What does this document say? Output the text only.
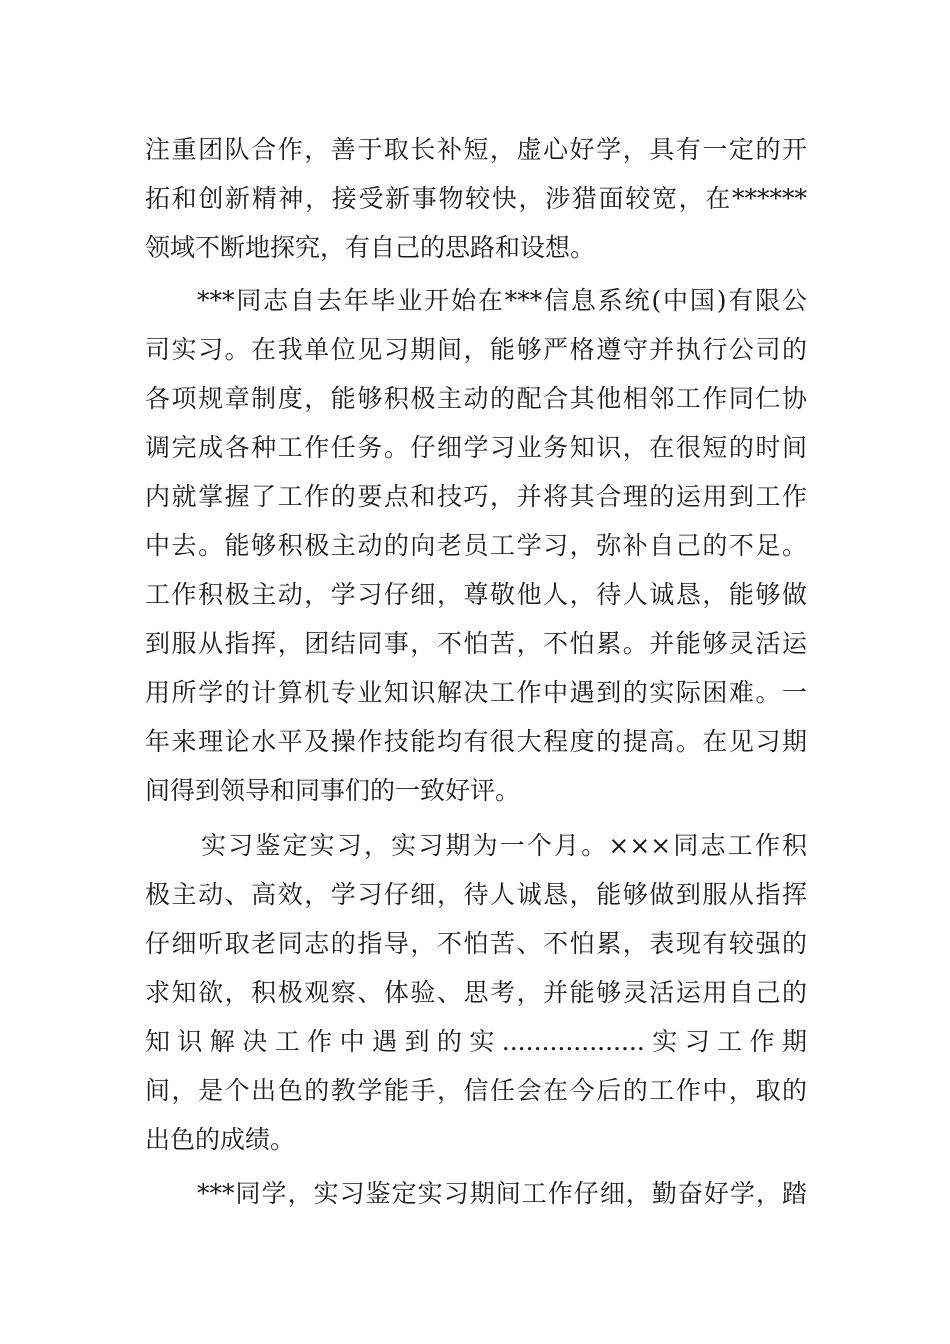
注重团队合作，善于取长补短，虚心好学，具有一定的开
拓和创新精神，接受新事物较快，涉猎面较宽，在******
领域不断地探究，有自己的思路和设想。
***同志自去年毕业开始在***信息系统(中国)有限公
司实习。在我单位见习期间，能够严格遵守并执行公司的
各项规章制度，能够积极主动的配合其他相邻工作同仁协
调完成各种工作任务。仔细学习业务知识，在很短的时间
内就掌握了工作的要点和技巧，并将其合理的运用到工作
中去。能够积极主动的向老员工学习，弥补自己的不足。
工作积极主动，学习仔细，尊敬他人，待人诚恳，能够做
到服从指挥，团结同事，不怕苦，不怕累。并能够灵活运
用所学的计算机专业知识解决工作中遇到的实际困难。一
年来理论水平及操作技能均有很大程度的提高。在见习期
间得到领导和同事们的一致好评。
实习鉴定实习，实习期为一个月。×××同志工作积
极主动、高效，学习仔细，待人诚恳，能够做到服从指挥
仔细听取老同志的指导，不怕苦、不怕累，表现有较强的
求知欲，积极观察、体验、思考，并能够灵活运用自己的
知识解决工作中遇到的实..................实习工作期
间，是个出色的教学能手，信任会在今后的工作中，取的
出色的成绩。
***同学，实习鉴定实习期间工作仔细，勤奋好学，踏
